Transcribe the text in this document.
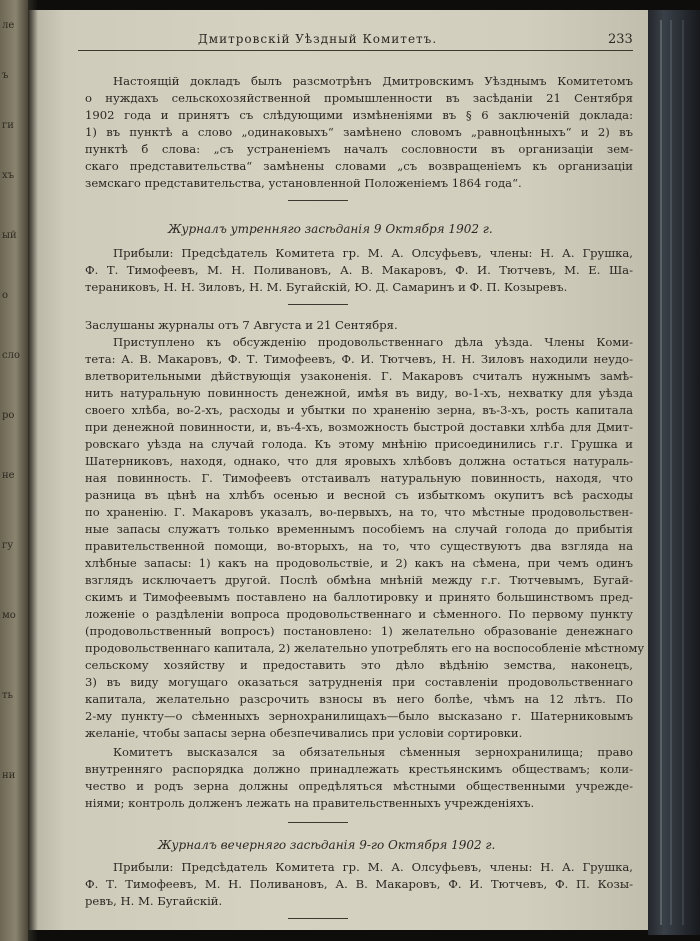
ле
ъ
ги
хъ
ый
о
сло
ро
не
гу
мо
ть
ни
Дмитровскій Уѣздный Комитетъ.	233
Настоящій докладъ былъ разсмотрѣнъ Дмитровскимъ Уѣзднымъ Комитетомъ
о нуждахъ сельскохозяйственной промышленности въ засѣданіи 21 Сентября
1902 года и принятъ съ слѣдующими измѣненіями въ § 6 заключеній доклада:
1) въ пунктѣ а слово „одинаковыхъ“ замѣнено словомъ „равноцѣнныхъ“ и 2) въ
пунктѣ б слова: „съ устраненіемъ началъ сословности въ организаціи зем-
скаго представительства“ замѣнены словами „съ возвращеніемъ къ организаціи
земскаго представительства, установленной Положеніемъ 1864 года“.
Журналъ утренняго засѣданія 9 Октября 1902 г.
Прибыли: Предсѣдатель Комитета гр. М. А. Олсуфьевъ, члены: Н. А. Грушка,
Ф. Т. Тимофеевъ, М. Н. Поливановъ, А. В. Макаровъ, Ф. И. Тютчевъ, М. Е. Ша-
тераниковъ, Н. Н. Зиловъ, Н. М. Бугайскій, Ю. Д. Самаринъ и Ф. П. Козыревъ.
Заслушаны журналы отъ 7 Августа и 21 Сентября.
Приступлено къ обсужденію продовольственнаго дѣла уѣзда. Члены Коми-
тета: А. В. Макаровъ, Ф. Т. Тимофеевъ, Ф. И. Тютчевъ, Н. Н. Зиловъ находили неудо-
влетворительными дѣйствующія узаконенія. Г. Макаровъ считалъ нужнымъ замѣ-
нить натуральную повинность денежной, имѣя въ виду, во-1-хъ, нехватку для уѣзда
своего хлѣба, во-2-хъ, расходы и убытки по храненію зерна, въ-3-хъ, рость капитала
при денежной повинности, и, въ-4-хъ, возможность быстрой доставки хлѣба для Дмит-
ровскаго уѣзда на случай голода. Къ этому мнѣнію присоединились г.г. Грушка и
Шатерниковъ, находя, однако, что для яровыхъ хлѣбовъ должна остаться натураль-
ная повинность. Г. Тимофеевъ отстаивалъ натуральную повинность, находя, что
разница въ цѣнѣ на хлѣбъ осенью и весной съ избыткомъ окупитъ всѣ расходы
по храненію. Г. Макаровъ указалъ, во-первыхъ, на то, что мѣстные продовольствен-
ные запасы служатъ только временнымъ пособіемъ на случай голода до прибытія
правительственной помощи, во-вторыхъ, на то, что существуютъ два взгляда на
хлѣбные запасы: 1) какъ на продовольствіе, и 2) какъ на сѣмена, при чемъ одинъ
взглядъ исключаетъ другой. Послѣ обмѣна мнѣній между г.г. Тютчевымъ, Бугай-
скимъ и Тимофеевымъ поставлено на баллотировку и принято большинствомъ пред-
ложеніе о раздѣленіи вопроса продовольственнаго и сѣменного. По первому пункту
(продовольственный вопросъ) постановлено: 1) желательно образованіе денежнаго
продовольственнаго капитала, 2) желательно употреблять его на воспособленіе мѣстному
сельскому хозяйству и предоставить это дѣло вѣдѣнію земства, наконецъ,
3) въ виду могущаго оказаться затрудненія при составленіи продовольственнаго
капитала, желательно разсрочить взносы въ него болѣе, чѣмъ на 12 лѣтъ. По
2-му пункту—о сѣменныхъ зернохранилищахъ—было высказано г. Шатерниковымъ
желаніе, чтобы запасы зерна обезпечивались при условіи сортировки.
Комитетъ высказался за обязательныя сѣменныя зернохранилища; право
внутренняго распорядка должно принадлежать крестьянскимъ обществамъ; коли-
чество и родъ зерна должны опредѣляться мѣстными общественными учрежде-
ніями; контроль долженъ лежать на правительственныхъ учрежденіяхъ.
Журналъ вечерняго засѣданія 9-го Октября 1902 г.
Прибыли: Предсѣдатель Комитета гр. М. А. Олсуфьевъ, члены: Н. А. Грушка,
Ф. Т. Тимофеевъ, М. Н. Поливановъ, А. В. Макаровъ, Ф. И. Тютчевъ, Ф. П. Козы-
ревъ, Н. М. Бугайскій.
